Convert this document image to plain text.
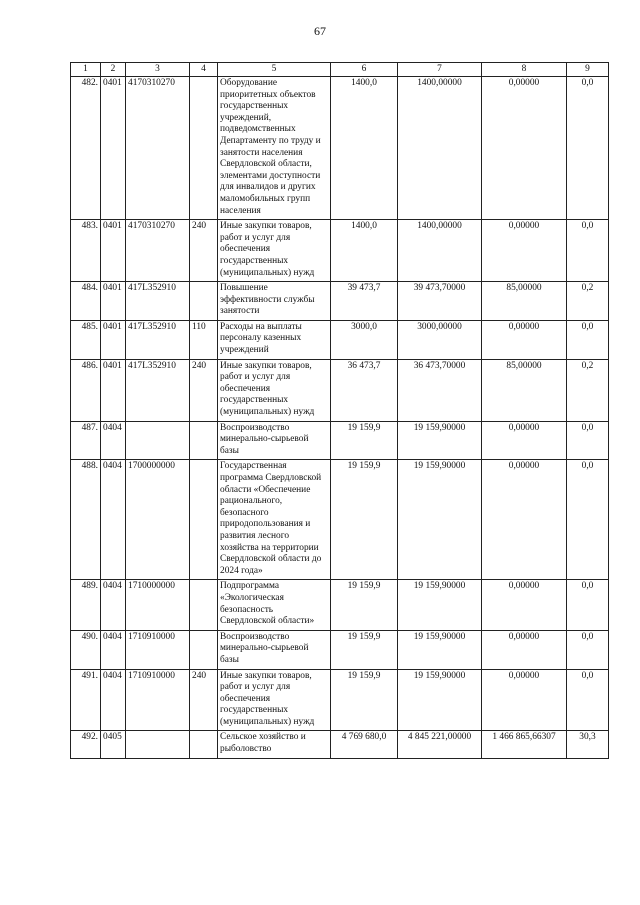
67
1	2	3	4	5	6	7	8	9
482.	0401	4170310270		Оборудование приоритетных объектов государственных учреждений, подведомственных Департаменту по труду и занятости населения Свердловской области, элементами доступности для инвалидов и других маломобильных групп населения	1400,0	1400,00000	0,00000	0,0
483.	0401	4170310270	240	Иные закупки товаров, работ и услуг для обеспечения государственных (муниципальных) нужд	1400,0	1400,00000	0,00000	0,0
484.	0401	417L352910		Повышение эффективности службы занятости	39 473,7	39 473,70000	85,00000	0,2
485.	0401	417L352910	110	Расходы на выплаты персоналу казенных учреждений	3000,0	3000,00000	0,00000	0,0
486.	0401	417L352910	240	Иные закупки товаров, работ и услуг для обеспечения государственных (муниципальных) нужд	36 473,7	36 473,70000	85,00000	0,2
487.	0404			Воспроизводство минерально-сырьевой базы	19 159,9	19 159,90000	0,00000	0,0
488.	0404	1700000000		Государственная программа Свердловской области «Обеспечение рационального, безопасного природопользования и развития лесного хозяйства на территории Свердловской области до 2024 года»	19 159,9	19 159,90000	0,00000	0,0
489.	0404	1710000000		Подпрограмма «Экологическая безопасность Свердловской области»	19 159,9	19 159,90000	0,00000	0,0
490.	0404	1710910000		Воспроизводство минерально-сырьевой базы	19 159,9	19 159,90000	0,00000	0,0
491.	0404	1710910000	240	Иные закупки товаров, работ и услуг для обеспечения государственных (муниципальных) нужд	19 159,9	19 159,90000	0,00000	0,0
492.	0405			Сельское хозяйство и рыболовство	4 769 680,0	4 845 221,00000	1 466 865,66307	30,3
